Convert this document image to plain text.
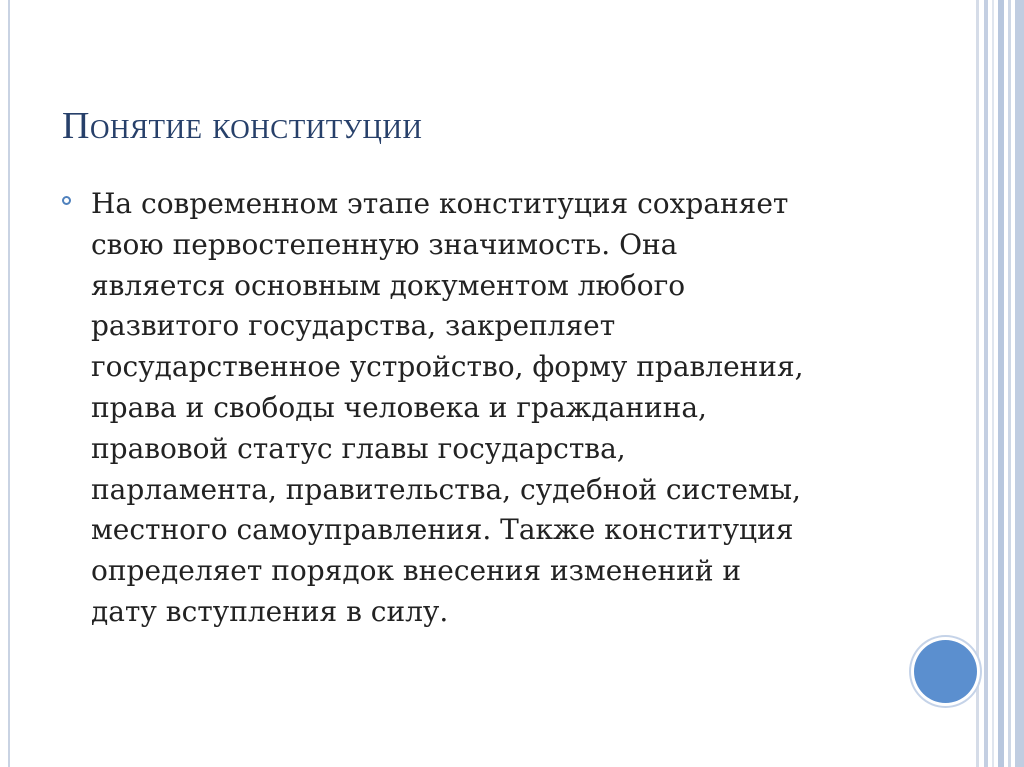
Понятие конституции
На современном этапе конституция сохраняет
свою первостепенную значимость. Она
является основным документом любого
развитого государства, закрепляет
государственное устройство, форму правления,
права и свободы человека и гражданина,
правовой статус главы государства,
парламента, правительства, судебной системы,
местного самоуправления. Также конституция
определяет порядок внесения изменений и
дату вступления в силу.
